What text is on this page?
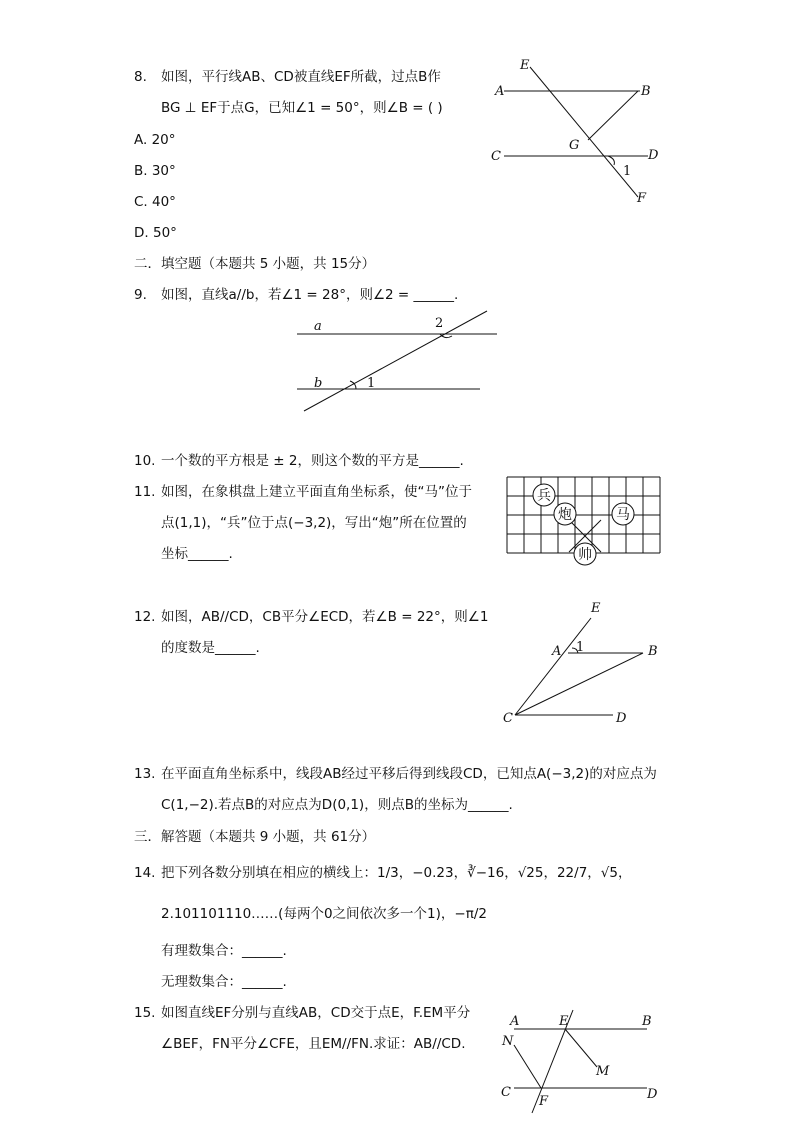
8. 如图，平行线AB、CD被直线EF所截，过点B作
BG ⊥ EF于点G，已知∠1 = 50°，则∠B = ( )
A. 20°
B. 30°
C. 40°
D. 50°
E
A	B
G
C	D
1
F
二．填空题（本题共 5 小题，共 15分）
9. 如图，直线a//b，若∠1 = 28°，则∠2 = ______.
a
b	1
2
10. 一个数的平方根是 ± 2，则这个数的平方是______.
11. 如图，在象棋盘上建立平面直角坐标系，使“马”位于
点(1,1)，“兵”位于点(−3,2)，写出“炮”所在位置的
坐标______.
兵
炮	马
帅
12. 如图，AB//CD，CB平分∠ECD，若∠B = 22°，则∠1
的度数是______.
E
A 1	B
C	D
13. 在平面直角坐标系中，线段AB经过平移后得到线段CD，已知点A(−3,2)的对应点为
C(1,−2).若点B的对应点为D(0,1)，则点B的坐标为______.
三．解答题（本题共 9 小题，共 61分）
14. 把下列各数分别填在相应的横线上：1/3，−0.23，∛−16，√25，22/7，√5，
2.101101110……(每两个0之间依次多一个1)，−π/2
有理数集合：______.
无理数集合：______.
15. 如图直线EF分别与直线AB，CD交于点E，F.EM平分
∠BEF，FN平分∠CFE，且EM//FN.求证：AB//CD.
A	E	B
N
M
C
F	D
